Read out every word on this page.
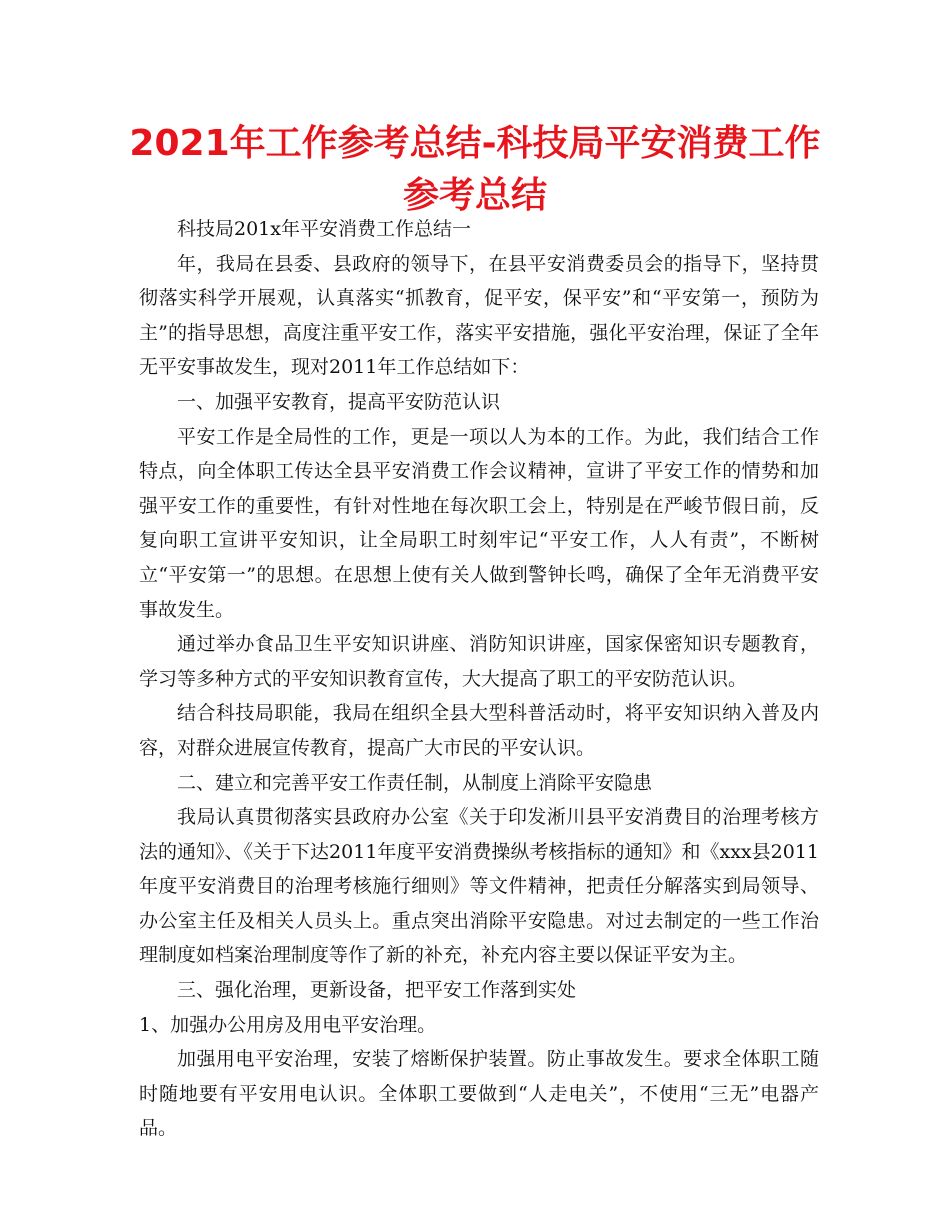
2021年工作参考总结-科技局平安消费工作参考总结

科技局201x年平安消费工作总结一

年，我局在县委、县政府的领导下，在县平安消费委员会的指导下，坚持贯彻落实科学开展观，认真落实“抓教育，促平安，保平安”和“平安第一，预防为主”的指导思想，高度注重平安工作，落实平安措施，强化平安治理，保证了全年无平安事故发生，现对2011年工作总结如下：

一、加强平安教育，提高平安防范认识

平安工作是全局性的工作，更是一项以人为本的工作。为此，我们结合工作特点，向全体职工传达全县平安消费工作会议精神，宣讲了平安工作的情势和加强平安工作的重要性，有针对性地在每次职工会上，特别是在严峻节假日前，反复向职工宣讲平安知识，让全局职工时刻牢记“平安工作，人人有责”，不断树立“平安第一”的思想。在思想上使有关人做到警钟长鸣，确保了全年无消费平安事故发生。

通过举办食品卫生平安知识讲座、消防知识讲座，国家保密知识专题教育，学习等多种方式的平安知识教育宣传，大大提高了职工的平安防范认识。

结合科技局职能，我局在组织全县大型科普活动时，将平安知识纳入普及内容，对群众进展宣传教育，提高广大市民的平安认识。

二、建立和完善平安工作责任制，从制度上消除平安隐患

我局认真贯彻落实县政府办公室《关于印发淅川县平安消费目的治理考核方法的通知》、《关于下达2011年度平安消费操纵考核指标的通知》和《xxx县2011年度平安消费目的治理考核施行细则》等文件精神，把责任分解落实到局领导、办公室主任及相关人员头上。重点突出消除平安隐患。对过去制定的一些工作治理制度如档案治理制度等作了新的补充，补充内容主要以保证平安为主。

三、强化治理，更新设备，把平安工作落到实处

1、加强办公用房及用电平安治理。

加强用电平安治理，安装了熔断保护装置。防止事故发生。要求全体职工随时随地要有平安用电认识。全体职工要做到“人走电关”，不使用“三无”电器产品。
